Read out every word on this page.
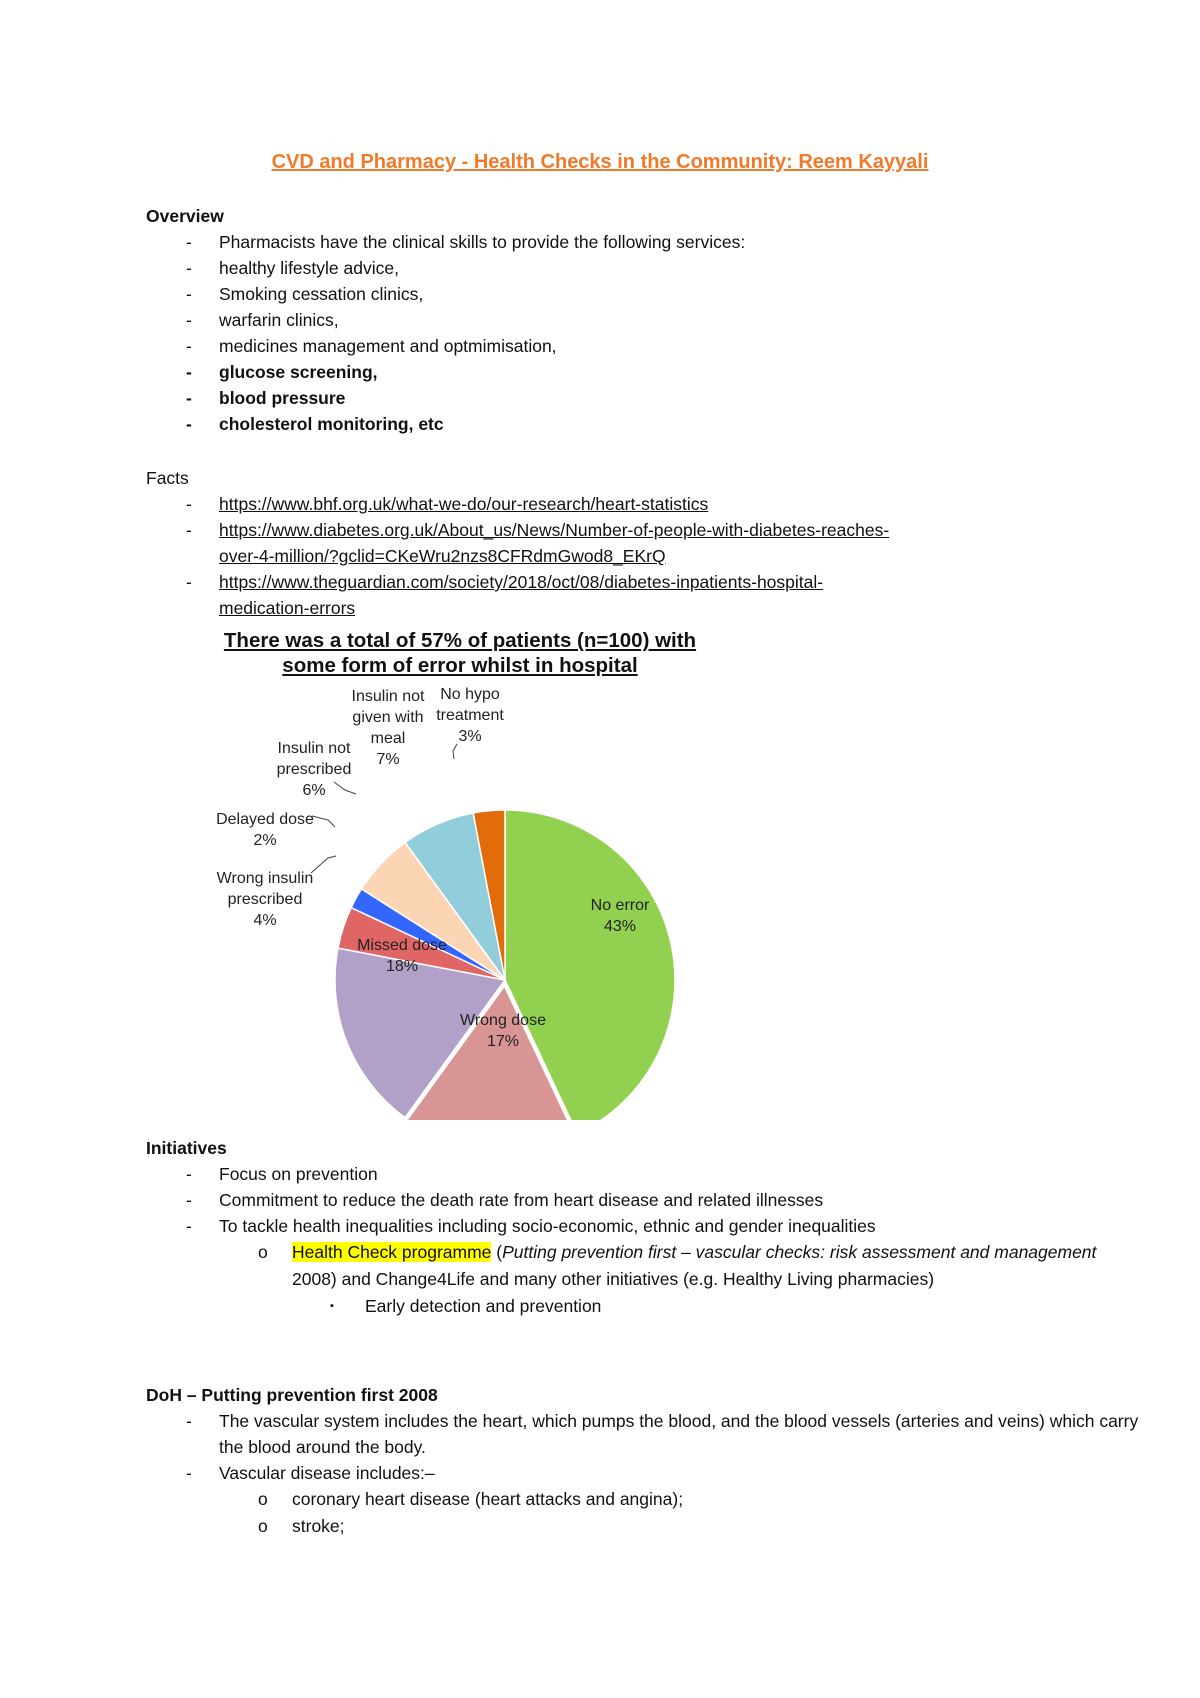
CVD and Pharmacy - Health Checks in the Community: Reem Kayyali
Overview
- Pharmacists have the clinical skills to provide the following services:
- healthy lifestyle advice,
- Smoking cessation clinics,
- warfarin clinics,
- medicines management and optmimisation,
- glucose screening,
- blood pressure
- cholesterol monitoring, etc
Facts
- https://www.bhf.org.uk/what-we-do/our-research/heart-statistics
- https://www.diabetes.org.uk/About_us/News/Number-of-people-with-diabetes-reaches-
over-4-million/?gclid=CKeWru2nzs8CFRdmGwod8_EKrQ
- https://www.theguardian.com/society/2018/oct/08/diabetes-inpatients-hospital-
medication-errors
There was a total of 57% of patients (n=100) with
some form of error whilst in hospital
No error 43%
Wrong dose 17%
Missed dose 18%
Wrong insulin prescribed 4%
Delayed dose 2%
Insulin not prescribed 6%
Insulin not given with meal 7%
No hypo treatment 3%
Initiatives
- Focus on prevention
- Commitment to reduce the death rate from heart disease and related illnesses
- To tackle health inequalities including socio-economic, ethnic and gender inequalities
o Health Check programme (Putting prevention first – vascular checks: risk assessment and management 2008) and Change4Life and many other initiatives (e.g. Healthy Living pharmacies)
▪ Early detection and prevention
DoH – Putting prevention first 2008
- The vascular system includes the heart, which pumps the blood, and the blood vessels (arteries and veins) which carry the blood around the body.
- Vascular disease includes:–
o coronary heart disease (heart attacks and angina);
o stroke;
